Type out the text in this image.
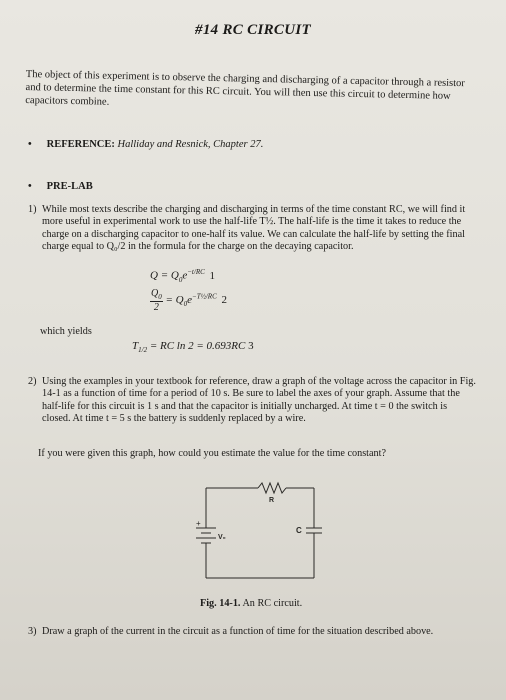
#14 RC CIRCUIT
The object of this experiment is to observe the charging and discharging of a capacitor through a resistor and to determine the time constant for this RC circuit. You will then use this circuit to determine how capacitors combine.
• REFERENCE: Halliday and Resnick, Chapter 27.
• PRE-LAB
1) While most texts describe the charging and discharging in terms of the time constant RC, we will find it more useful in experimental work to use the half-life T½. The half-life is the time it takes to reduce the charge on a discharging capacitor to one-half its value. We can calculate the half-life by setting the final charge equal to Q₀/2 in the formula for the charge on the decaying capacitor.
$Q = Q_0e^{-t/RC}$ 1
$\frac{Q_0}{2} = Q_0e^{-T\frac{1}{2}/RC}$ 2
which yields
$T_{1/2}$ = RC ln 2 = 0.693RC 3
2) Using the examples in your textbook for reference, draw a graph of the voltage across the capacitor in Fig. 14-1 as a function of time for a period of 10 s. Be sure to label the axes of your graph. Assume that the half-life for this circuit is 1 s and that the capacitor is initially uncharged. At time t = 0 the switch is closed. At time t = 5 s the battery is suddenly replaced by a wire.
If you were given this graph, how could you estimate the value for the time constant?
R
C
V₀
+
Fig. 14-1. An RC circuit.
3) Draw a graph of the current in the circuit as a function of time for the situation described above.
